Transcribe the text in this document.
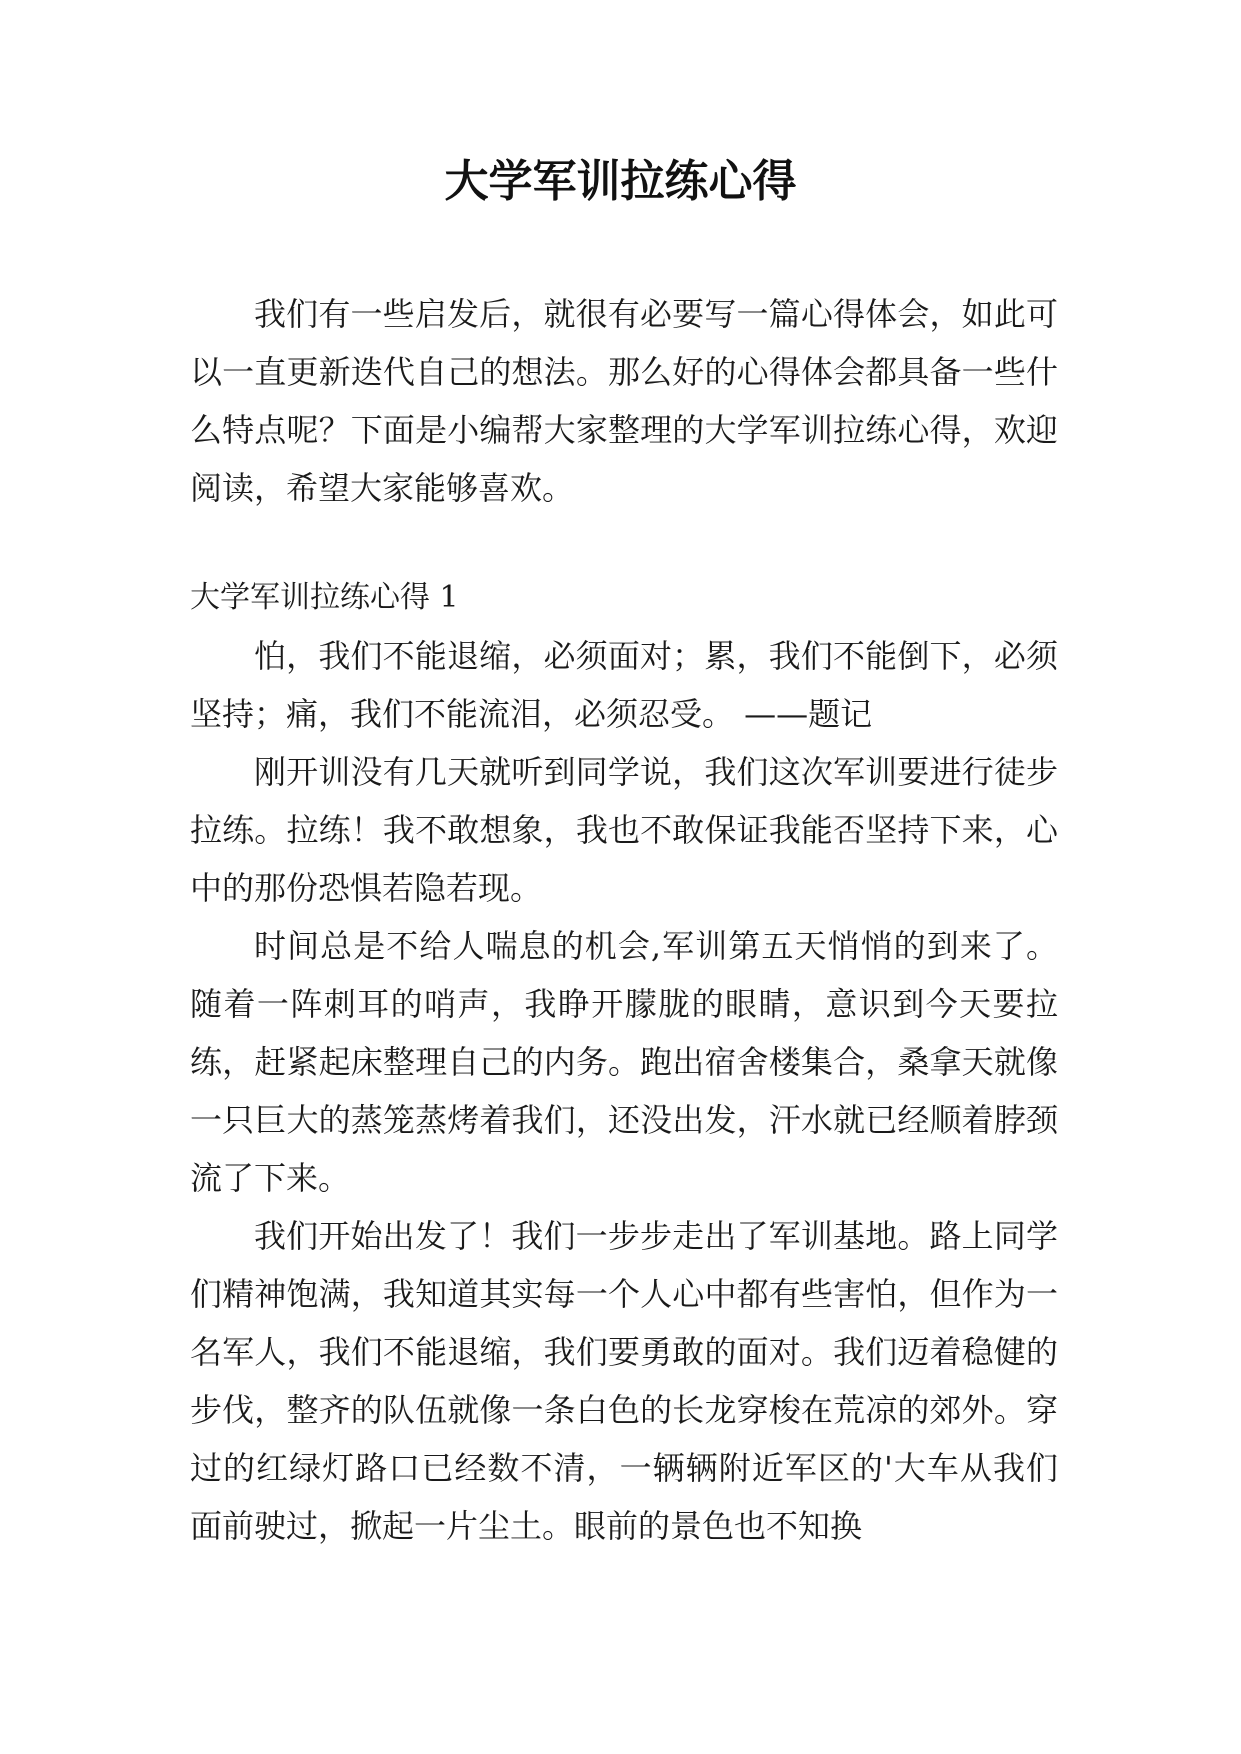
大学军训拉练心得

我们有一些启发后，就很有必要写一篇心得体会，如此可以一直更新迭代自己的想法。那么好的心得体会都具备一些什么特点呢？下面是小编帮大家整理的大学军训拉练心得，欢迎阅读，希望大家能够喜欢。

大学军训拉练心得 1

怕，我们不能退缩，必须面对；累，我们不能倒下，必须坚持；痛，我们不能流泪，必须忍受。 ——题记

刚开训没有几天就听到同学说，我们这次军训要进行徒步拉练。拉练！我不敢想象，我也不敢保证我能否坚持下来，心中的那份恐惧若隐若现。

时间总是不给人喘息的机会,军训第五天悄悄的到来了。随着一阵刺耳的哨声，我睁开朦胧的眼睛，意识到今天要拉练，赶紧起床整理自己的内务。跑出宿舍楼集合，桑拿天就像一只巨大的蒸笼蒸烤着我们，还没出发，汗水就已经顺着脖颈流了下来。

我们开始出发了！我们一步步走出了军训基地。路上同学们精神饱满，我知道其实每一个人心中都有些害怕，但作为一名军人，我们不能退缩，我们要勇敢的面对。我们迈着稳健的步伐，整齐的队伍就像一条白色的长龙穿梭在荒凉的郊外。穿过的红绿灯路口已经数不清，一辆辆附近军区的'大车从我们面前驶过，掀起一片尘土。眼前的景色也不知换
